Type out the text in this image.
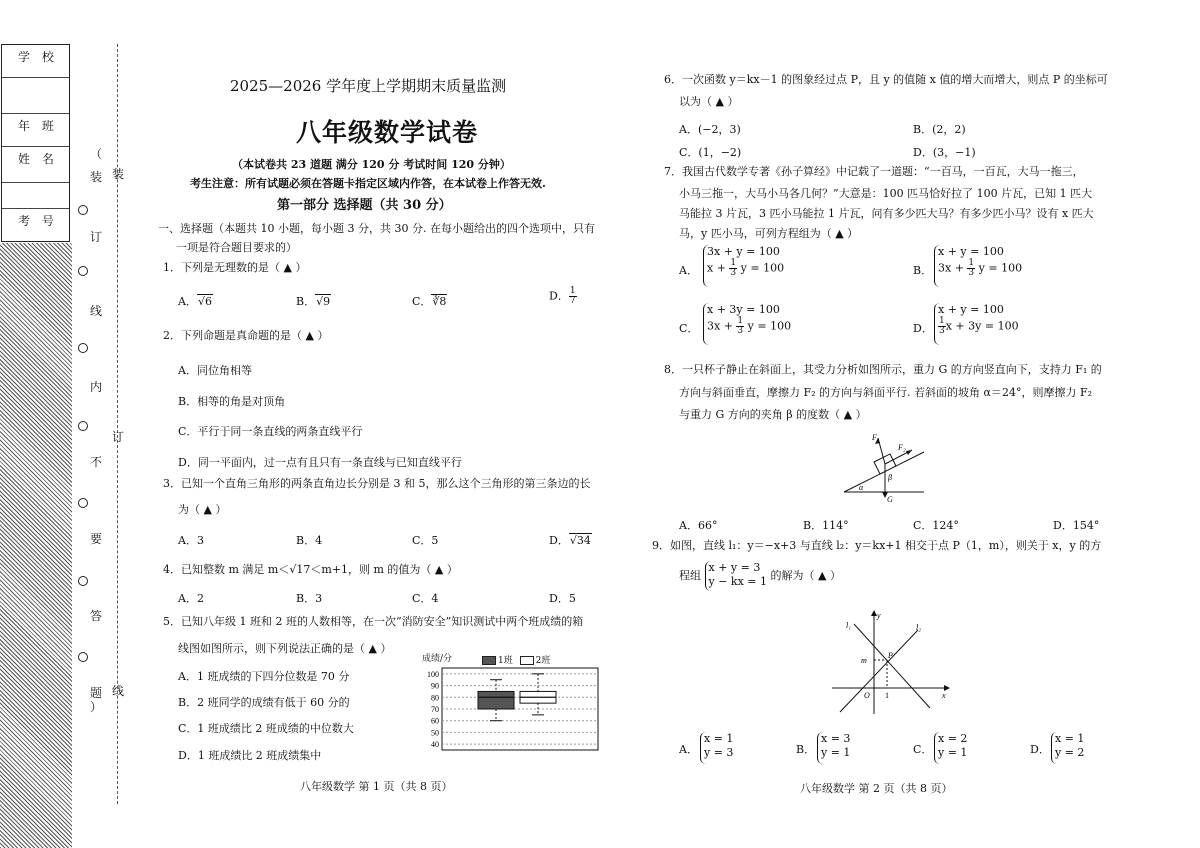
学 校
年 班
姓 名
考 号
（
装
订
线
内
不
要
答
题
）
装
订
线
2025—2026 学年度上学期期末质量监测
八年级数学试卷
（本试卷共 23 道题 满分 120 分 考试时间 120 分钟）
考生注意：所有试题必须在答题卡指定区域内作答，在本试卷上作答无效.
第一部分 选择题（共 30 分）
一、选择题（本题共 10 小题，每小题 3 分，共 30 分. 在每小题给出的四个选项中，只有
一项是符合题目要求的）
1．下列是无理数的是（ ▲ ）
A．√6	B．√9	C．∛8	D． $\frac{1}{7}$
2．下列命题是真命题的是（ ▲ ）
A．同位角相等
B．相等的角是对顶角
C．平行于同一条直线的两条直线平行
D．同一平面内，过一点有且只有一条直线与已知直线平行
3．已知一个直角三角形的两条直角边长分别是 3 和 5，那么这个三角形的第三条边的长
为（ ▲ ）
A．3	B．4	C．5	D．√34
4．已知整数 m 满足 m＜√17＜m+1，则 m 的值为（ ▲ ）
A．2	B．3	C．4	D．5
5．已知八年级 1 班和 2 班的人数相等，在一次“消防安全”知识测试中两个班成绩的箱
线图如图所示，则下列说法正确的是（ ▲ ）
A．1 班成绩的下四分位数是 70 分
B．2 班同学的成绩有低于 60 分的
C．1 班成绩比 2 班成绩的中位数大
D．1 班成绩比 2 班成绩集中
成绩/分	1班	2班
40
50
60
70
80
90
100
八年级数学 第 1 页（共 8 页）
6．一次函数 y＝kx－1 的图象经过点 P，且 y 的值随 x 值的增大而增大，则点 P 的坐标可
以为（ ▲ ）
A．(−2，3)	B．(2，2)
C．(1，−2)	D．(3，−1)
7．我国古代数学专著《孙子算经》中记载了一道题：“一百马，一百瓦，大马一拖三，
小马三拖一，大马小马各几何？”大意是：100 匹马恰好拉了 100 片瓦，已知 1 匹大
马能拉 3 片瓦，3 匹小马能拉 1 片瓦，问有多少匹大马？有多少匹小马？设有 x 匹大
马，y 匹小马，可列方程组为（ ▲ ）
A．
3x + y = 100
$x + \frac{1}{3}$ y = 100	B．
x + y = 100
$3x + \frac{1}{3}$ y = 100
C．
x + 3y = 100
$3x + \frac{1}{3}$ y = 100	D．
x + y = 100
$\frac{1}{3}$ x + 3y = 100
8．一只杯子静止在斜面上，其受力分析如图所示，重力 G 的方向竖直向下，支持力 F₁ 的
方向与斜面垂直，摩擦力 F₂ 的方向与斜面平行. 若斜面的坡角 α＝24°，则摩擦力 F₂
与重力 G 方向的夹角 β 的度数（ ▲ ）
F₁
F₂
α
β
G
A．66°	B．114°	C．124°	D．154°
9．如图，直线 l₁：y＝−x+3 与直线 l₂：y＝kx+1 相交于点 P（1，m），则关于 x，y 的方
程组
x + y = 3
y − kx = 1 的解为（ ▲ ）
l₁	l₂
y
x
m
P
O 1
A．
x = 1
y = 3	B．
x = 3
y = 1	C．
x = 2
y = 1	D．
x = 1
y = 2
八年级数学 第 2 页（共 8 页）
